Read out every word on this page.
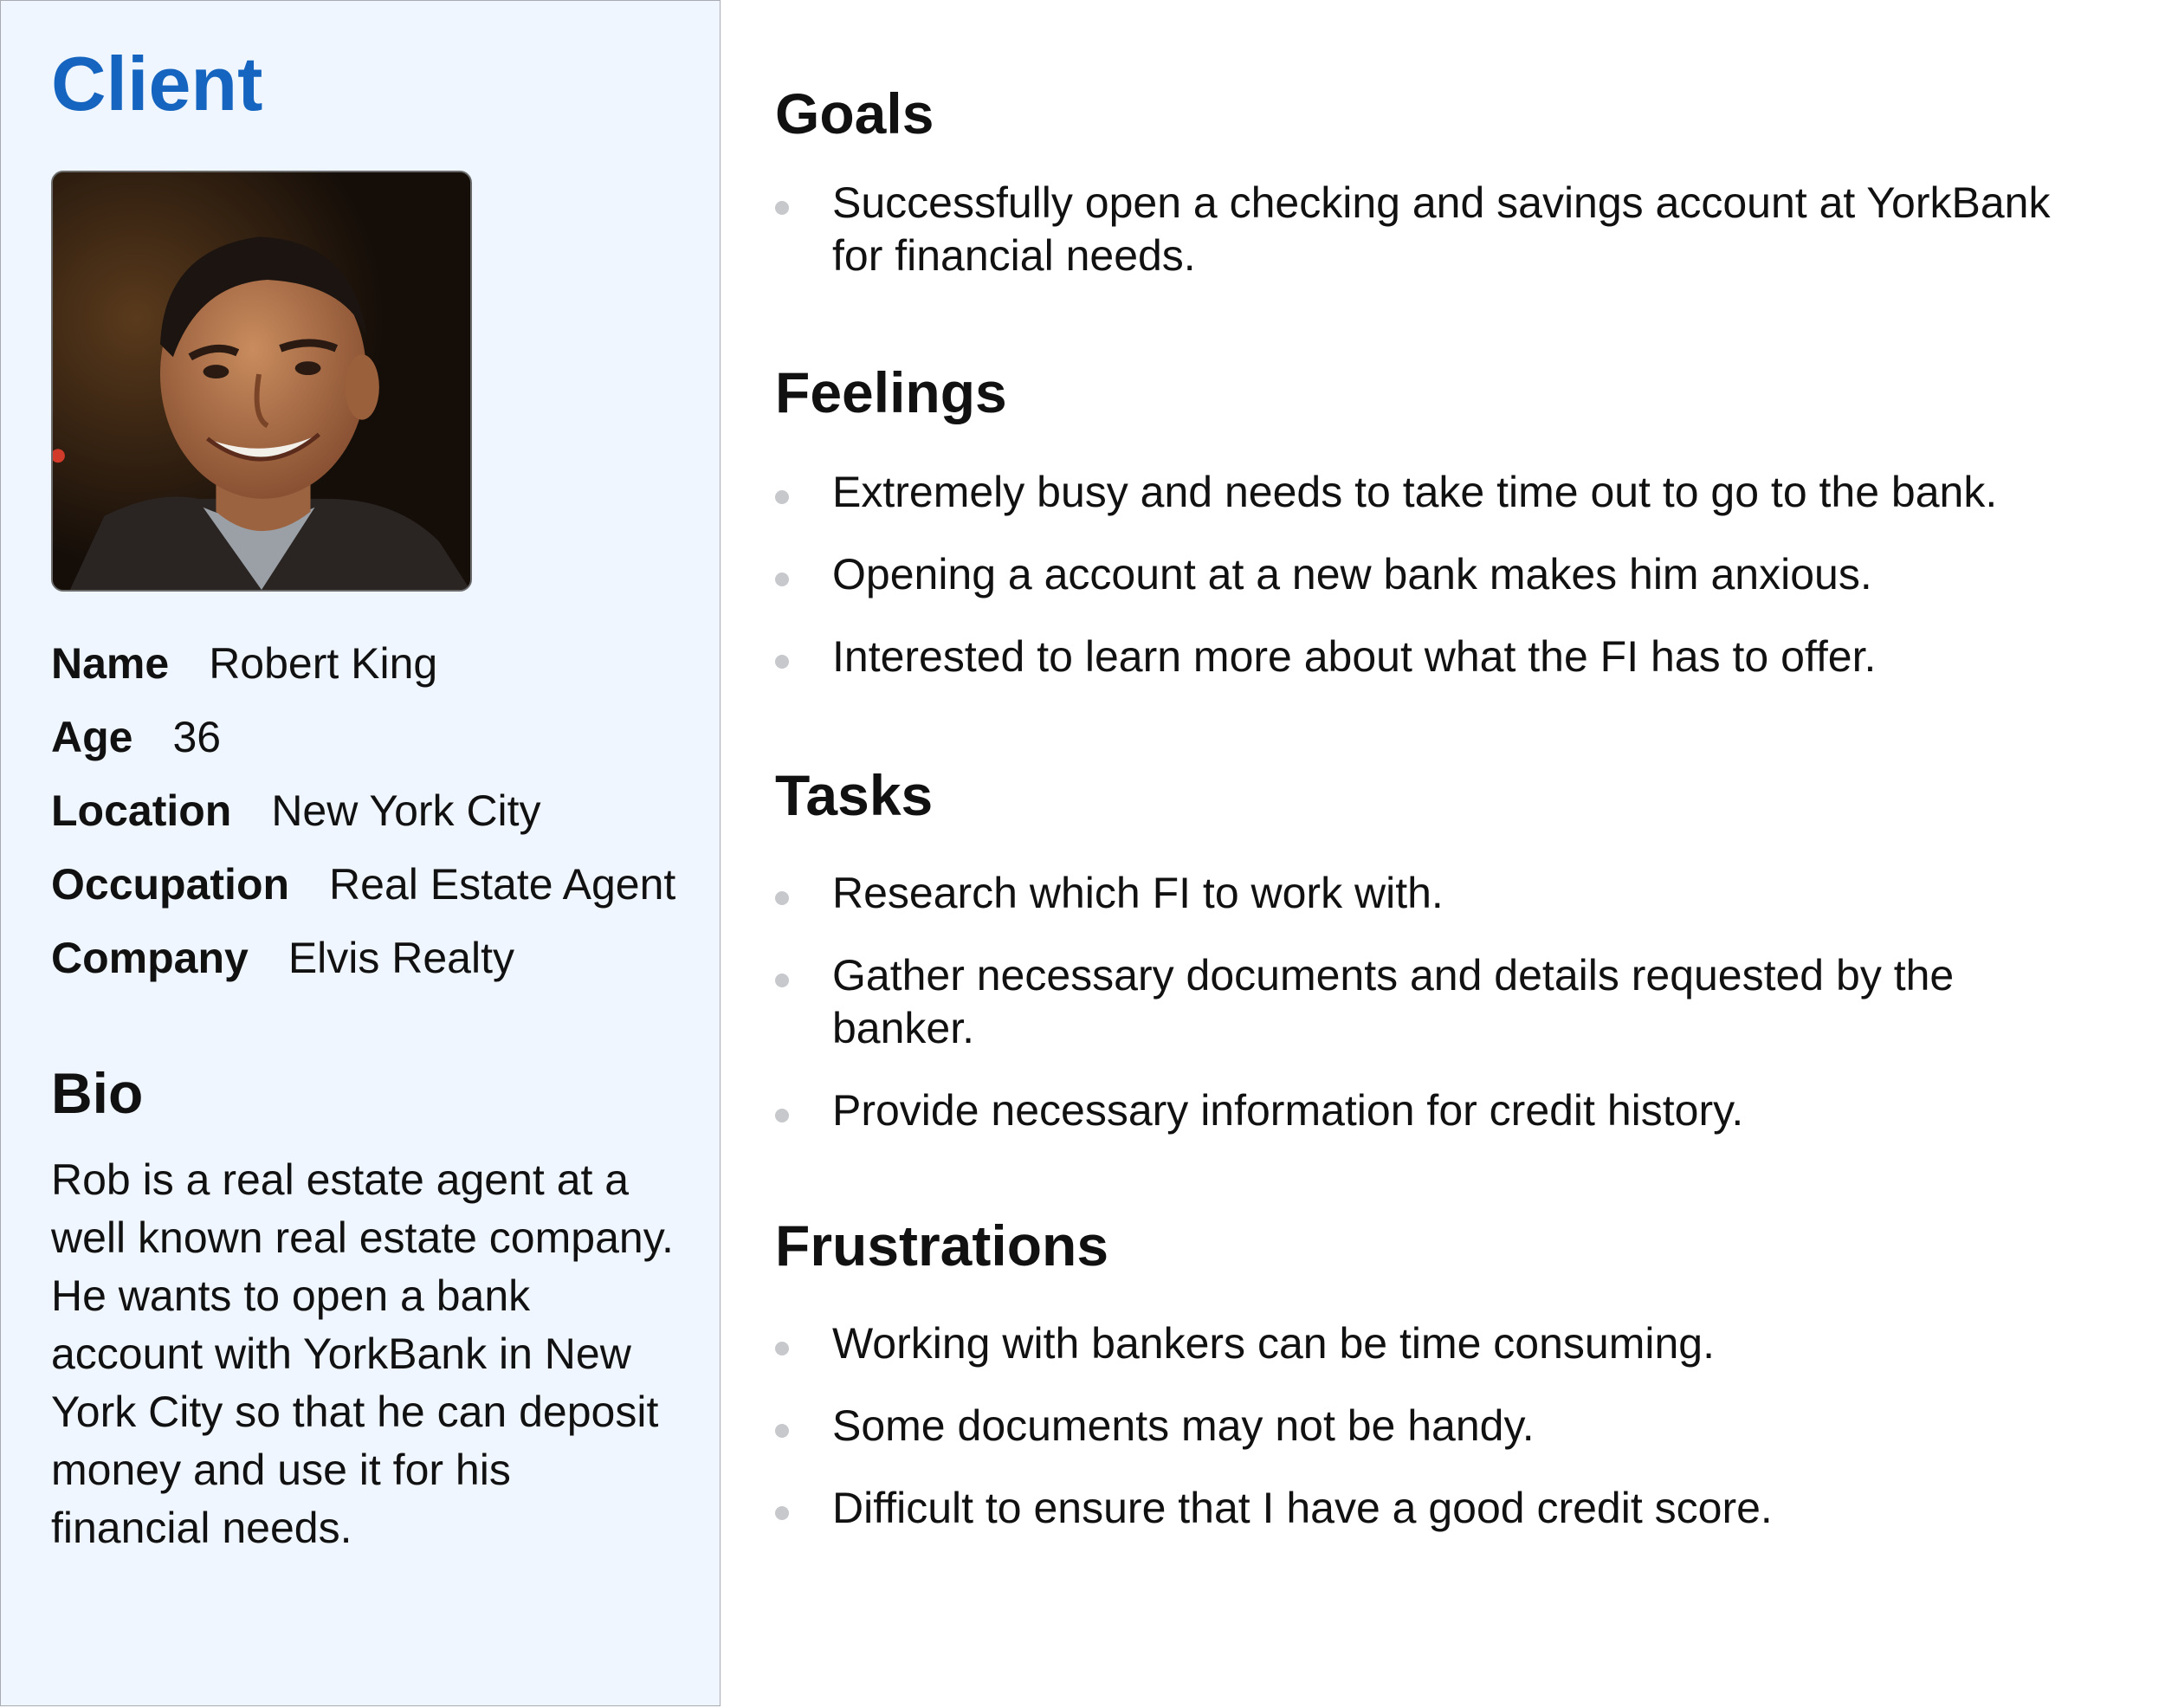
Client
Name Robert King
Age 36
Location New York City
Occupation Real Estate Agent
Company Elvis Realty
Bio

Rob is a real estate agent at a well known real estate company. He wants to open a bank account with YorkBank in New York City so that he can deposit money and use it for his financial needs.

Goals
Successfully open a checking and savings account at YorkBank for financial needs.
Feelings
Extremely busy and needs to take time out to go to the bank.
Opening a account at a new bank makes him anxious.
Interested to learn more about what the FI has to offer.
Tasks
Research which FI to work with.
Gather necessary documents and details requested by the banker.
Provide necessary information for credit history.
Frustrations
Working with bankers can be time consuming.
Some documents may not be handy.
Difficult to ensure that I have a good credit score.
